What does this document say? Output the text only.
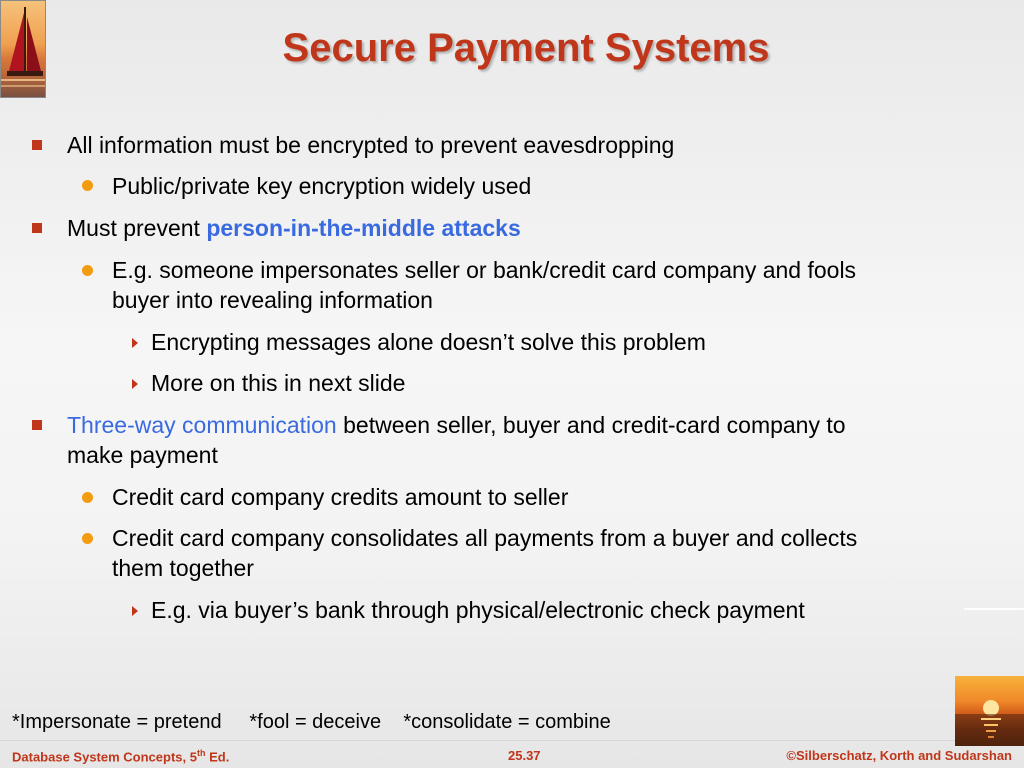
Secure Payment Systems
All information must be encrypted to prevent eavesdropping
Public/private key encryption widely used
Must prevent person-in-the-middle attacks
E.g. someone impersonates seller or bank/credit card company and fools
buyer into revealing information
Encrypting messages alone doesn’t solve this problem
More on this in next slide
Three-way communication between seller, buyer and credit-card company to
make payment
Credit card company credits amount to seller
Credit card company consolidates all payments from a buyer and collects
them together
E.g. via buyer’s bank through physical/electronic check payment
*Impersonate = pretend     *fool = deceive    *consolidate = combine
Database System Concepts, 5th Ed.	25.37	©Silberschatz, Korth and Sudarshan
